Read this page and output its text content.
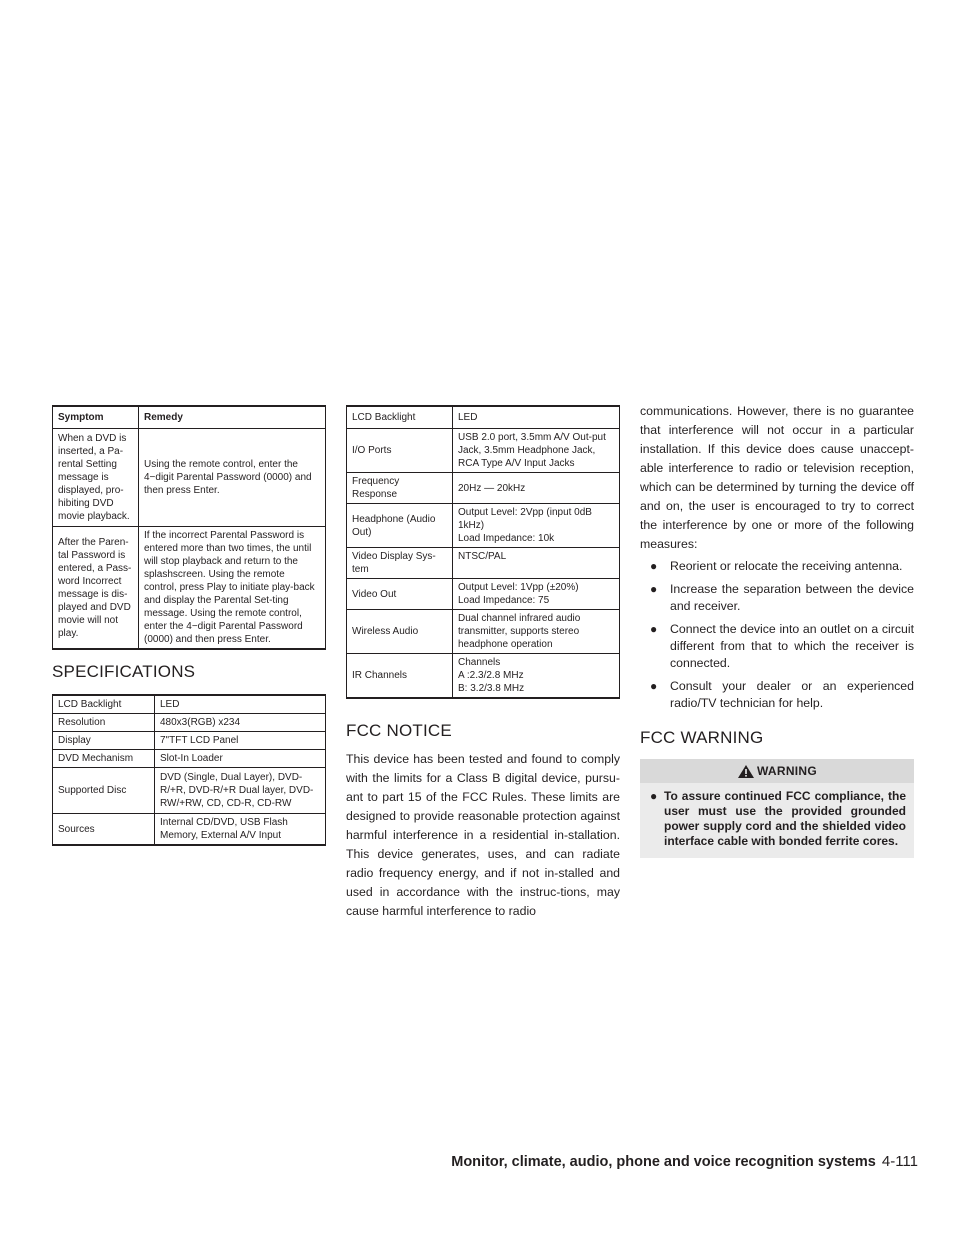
Symptom	Remedy
When a DVD is inserted, a Pa-rental Setting message is displayed, pro-hibiting DVD movie playback.	Using the remote control, enter the 4−digit Parental Password (0000) and then press Enter.
After the Paren-tal Password is entered, a Pass-word Incorrect message is dis-played and DVD movie will not play.	If the incorrect Parental Password is entered more than two times, the until will stop playback and return to the splashscreen. Using the remote control, press Play to initiate play-back and display the Parental Set-ting message. Using the remote control, enter the 4−digit Parental Password (0000) and then press Enter.
SPECIFICATIONS
LCD Backlight	LED
Resolution	480x3(RGB) x234
Display	7"TFT LCD Panel
DVD Mechanism	Slot-In Loader
Supported Disc	DVD (Single, Dual Layer), DVD-R/+R, DVD-R/+R Dual layer, DVD-RW/+RW, CD, CD-R, CD-RW
Sources	Internal CD/DVD, USB Flash Memory, External A/V Input
LCD Backlight	LED
I/O Ports	USB 2.0 port, 3.5mm A/V Out-put Jack, 3.5mm Headphone Jack, RCA Type A/V Input Jacks
Frequency Response	20Hz — 20kHz
Headphone (Audio Out)	Output Level: 2Vpp (input 0dB 1kHz)
Load Impedance: 10k
Video Display Sys-tem	NTSC/PAL
Video Out	Output Level: 1Vpp (±20%)
Load Impedance: 75
Wireless Audio	Dual channel infrared audio transmitter, supports stereo headphone operation
IR Channels	Channels
A :2.3/2.8 MHz
B: 3.2/3.8 MHz
FCC NOTICE

This device has been tested and found to comply with the limits for a Class B digital device, pursu-ant to part 15 of the FCC Rules. These limits are designed to provide reasonable protection against harmful interference in a residential in-stallation. This device generates, uses, and can radiate radio frequency energy, and if not in-stalled and used in accordance with the instruc-tions, may cause harmful interference to radio

communications. However, there is no guarantee that interference will not occur in a particular installation. If this device does cause unaccept-able interference to radio or television reception, which can be determined by turning the device off and on, the user is encouraged to try to correct the interference by one or more of the following measures:

● Reorient or relocate the receiving antenna.
● Increase the separation between the device and receiver.
● Connect the device into an outlet on a circuit different from that to which the receiver is connected.
● Consult your dealer or an experienced radio/TV technician for help.
FCC WARNING
WARNING
● To assure continued FCC compliance, the user must use the provided grounded power supply cord and the shielded video interface cable with bonded ferrite cores.
Monitor, climate, audio, phone and voice recognition systems 4-111
